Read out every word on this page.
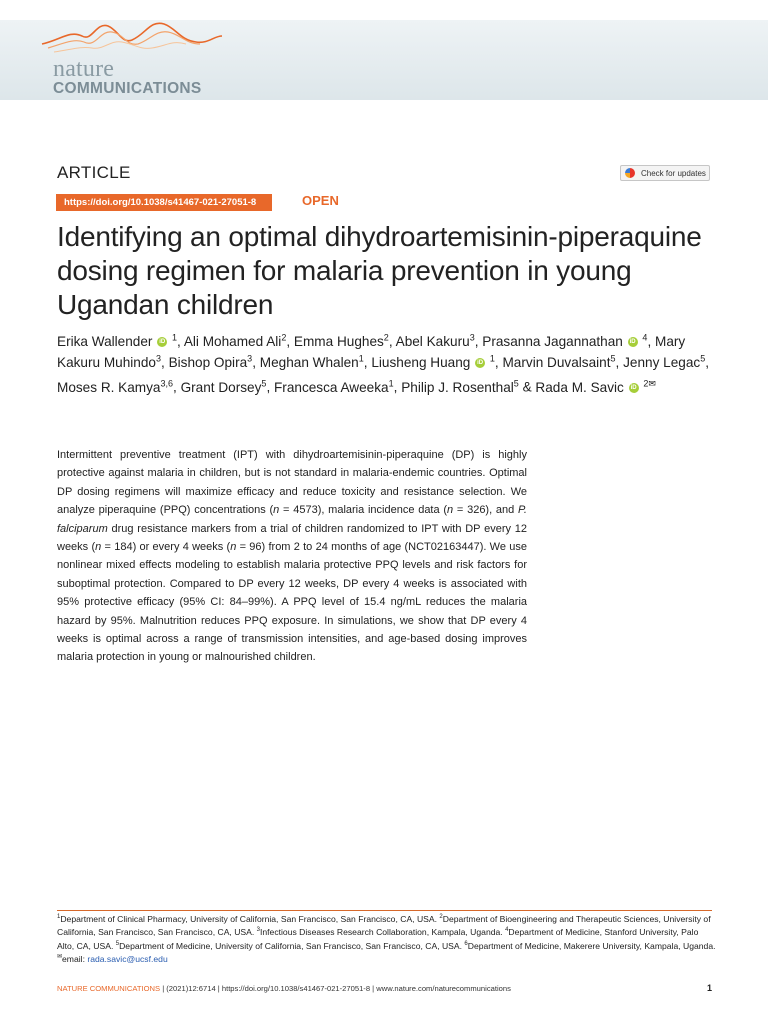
nature
COMMUNICATIONS
ARTICLE	Check for updates
https://doi.org/10.1038/s41467-021-27051-8	OPEN
Identifying an optimal dihydroartemisinin-piperaquine dosing regimen for malaria prevention in young Ugandan children
Erika Wallender iD $^1$, Ali Mohamed Ali$^2$, Emma Hughes$^2$, Abel Kakuru$^3$, Prasanna Jagannathan iD $^4$, Mary Kakuru Muhindo$^3$, Bishop Opira$^3$, Meghan Whalen$^1$, Liusheng Huang iD $^1$, Marvin Duvalsaint$^5$, Jenny Legac$^5$, Moses R. Kamya$^{3,6}$, Grant Dorsey$^5$, Francesca Aweeka$^1$, Philip J. Rosenthal$^5$ & Rada M. Savic iD $^{2✉}$

Intermittent preventive treatment (IPT) with dihydroartemisinin-piperaquine (DP) is highly protective against malaria in children, but is not standard in malaria-endemic countries. Optimal DP dosing regimens will maximize efficacy and reduce toxicity and resistance selection. We analyze piperaquine (PPQ) concentrations (n = 4573), malaria incidence data (n = 326), and P. falciparum drug resistance markers from a trial of children randomized to IPT with DP every 12 weeks (n = 184) or every 4 weeks (n = 96) from 2 to 24 months of age (NCT02163447). We use nonlinear mixed effects modeling to establish malaria protective PPQ levels and risk factors for suboptimal protection. Compared to DP every 12 weeks, DP every 4 weeks is associated with 95% protective efficacy (95% CI: 84–99%). A PPQ level of 15.4 ng/mL reduces the malaria hazard by 95%. Malnutrition reduces PPQ exposure. In simulations, we show that DP every 4 weeks is optimal across a range of transmission intensities, and age-based dosing improves malaria protection in young or malnourished children.

$^1$Department of Clinical Pharmacy, University of California, San Francisco, San Francisco, CA, USA. $^2$Department of Bioengineering and Therapeutic Sciences, University of California, San Francisco, San Francisco, CA, USA. $^3$Infectious Diseases Research Collaboration, Kampala, Uganda. $^4$Department of Medicine, Stanford University, Palo Alto, CA, USA. $^5$Department of Medicine, University of California, San Francisco, San Francisco, CA, USA. $^6$Department of Medicine, Makerere University, Kampala, Uganda. ✉email: rada.savic@ucsf.edu

NATURE COMMUNICATIONS | (2021)12:6714 | https://doi.org/10.1038/s41467-021-27051-8 | www.nature.com/naturecommunications	1
